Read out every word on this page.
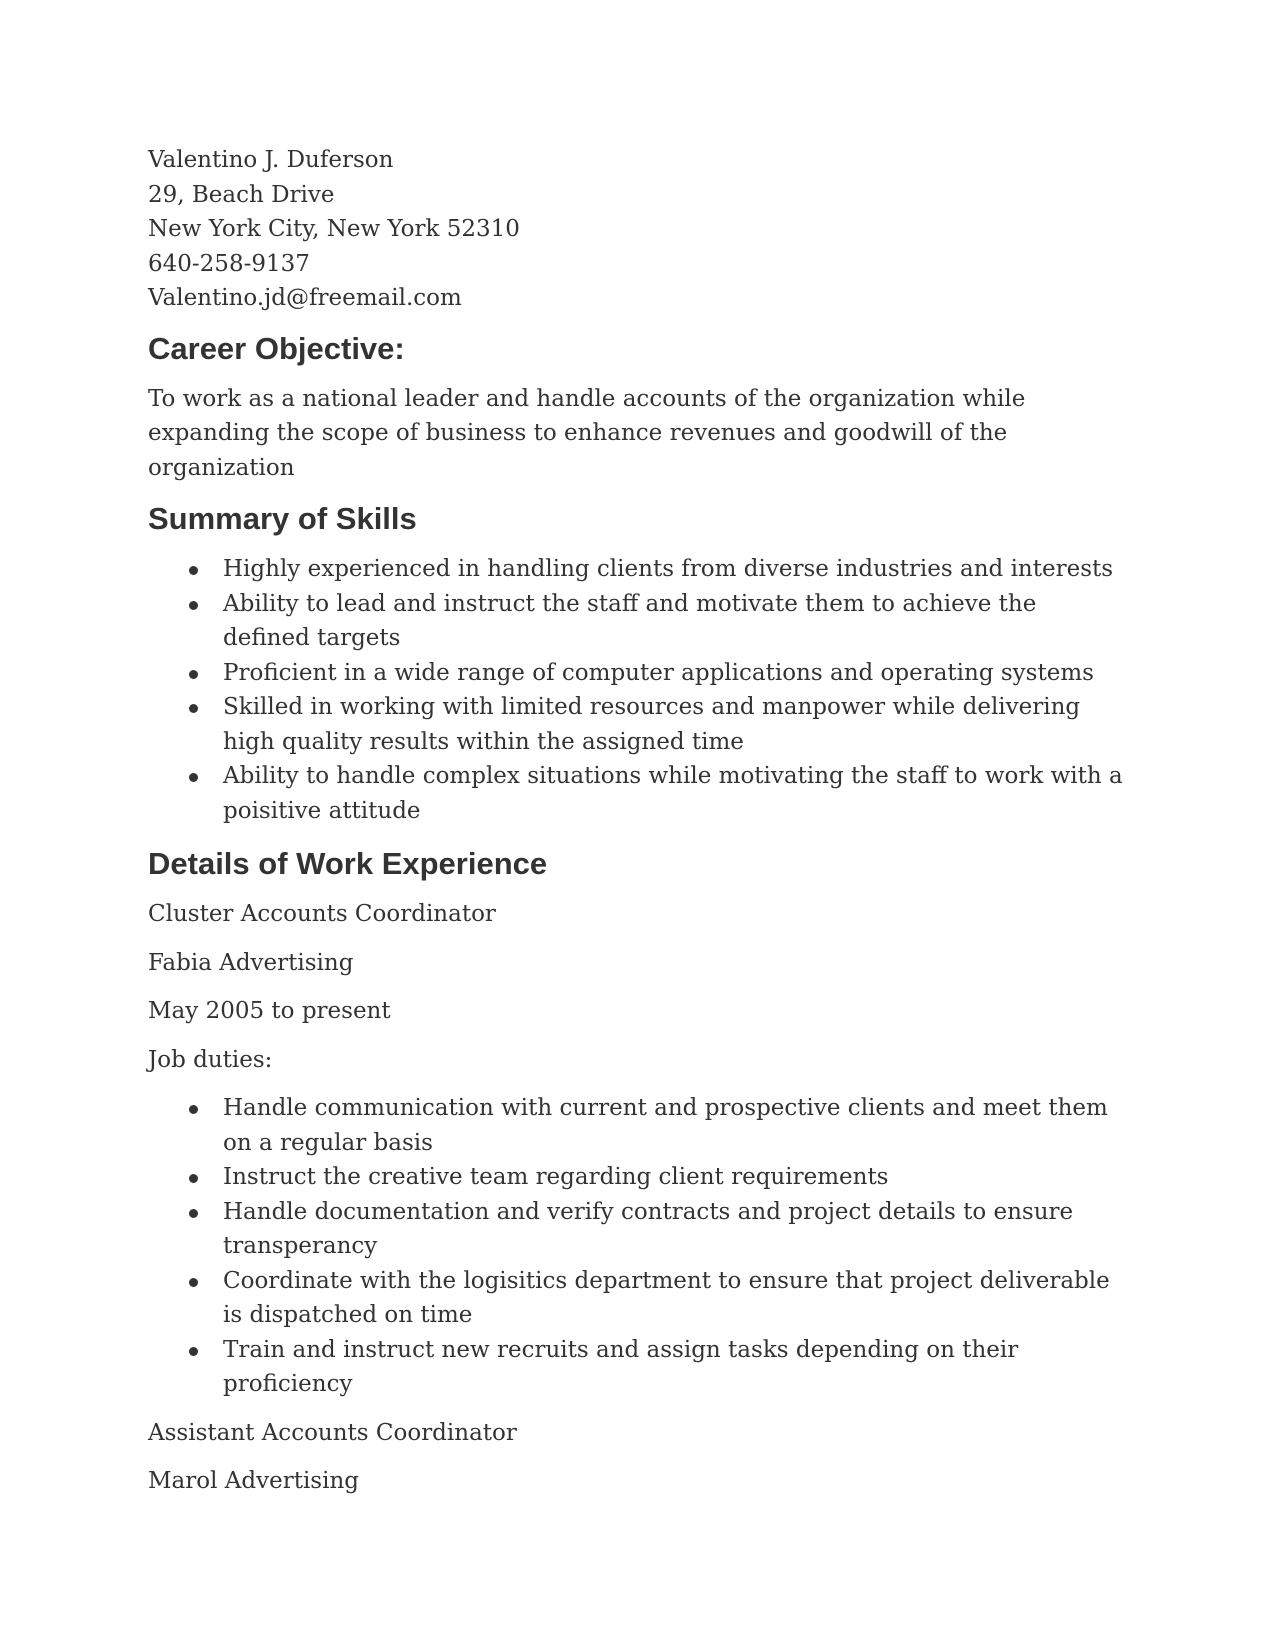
Valentino J. Duferson
29, Beach Drive
New York City, New York 52310
640-258-9137
Valentino.jd@freemail.com
Career Objective:

To work as a national leader and handle accounts of the organization while expanding the scope of business to enhance revenues and goodwill of the organization

Summary of Skills
Highly experienced in handling clients from diverse industries and interests
Ability to lead and instruct the staff and motivate them to achieve the defined targets
Proficient in a wide range of computer applications and operating systems
Skilled in working with limited resources and manpower while delivering high quality results within the assigned time
Ability to handle complex situations while motivating the staff to work with a poisitive attitude
Details of Work Experience

Cluster Accounts Coordinator

Fabia Advertising

May 2005 to present

Job duties:

Handle communication with current and prospective clients and meet them on a regular basis
Instruct the creative team regarding client requirements
Handle documentation and verify contracts and project details to ensure transperancy
Coordinate with the logisitics department to ensure that project deliverable is dispatched on time
Train and instruct new recruits and assign tasks depending on their proficiency

Assistant Accounts Coordinator

Marol Advertising
